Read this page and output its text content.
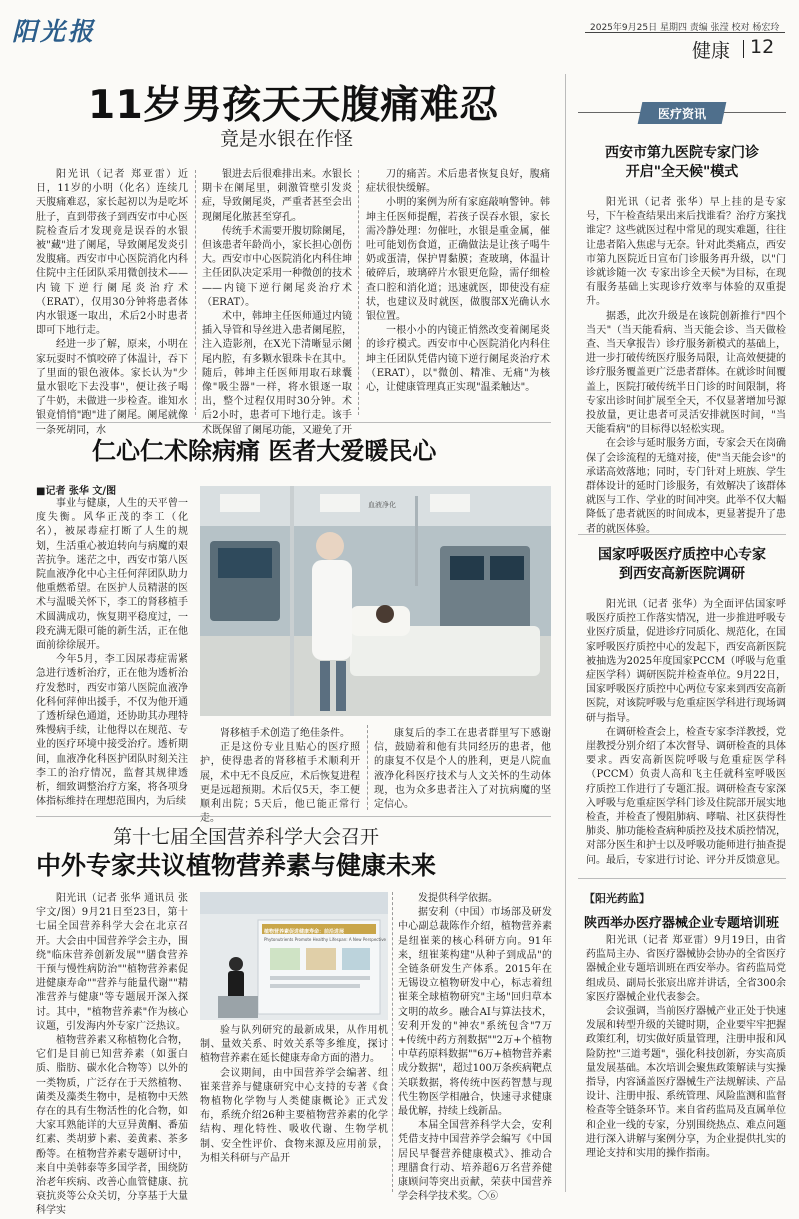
阳光报	2025年9月25日 星期四 责编 张滢 校对 杨宏玲
健康 12
11岁男孩天天腹痛难忍
竟是水银在作怪
阳光讯（记者 郑亚雷）近日，11岁的小明（化名）连续几天腹痛难忍，家长起初以为是吃坏肚子，直到带孩子到西安市中心医院检查后才发现竟是误吞的水银被"藏"进了阑尾，导致阑尾发炎引发腹痛。西安市中心医院消化内科住院中主任团队采用微创技术——内镜下逆行阑尾炎治疗术（ERAT），仅用30分钟将患者体内水银逐一取出，术后2小时患者即可下地行走。
经进一步了解，原来，小明在家玩耍时不慎咬碎了体温计，吞下了里面的银色液体。家长认为"少量水银吃下去没事"，便让孩子喝了牛奶，未做进一步检查。谁知水银竟悄悄"跑"进了阑尾。阑尾就像一条死胡同，水
银进去后很难排出来。水银长期卡在阑尾里，刺激管壁引发炎症，导致阑尾炎，严重者甚至会出现阑尾化脓甚至穿孔。
传统手术需要开腹切除阑尾，但该患者年龄尚小，家长担心创伤大。西安市中心医院消化内科住坤主任团队决定采用一种微创的技术——内镜下逆行阑尾炎治疗术（ERAT）。
术中，韩坤主任医师通过内镜插入导管和导丝进入患者阑尾腔，注入造影剂，在X光下清晰显示阑尾内腔，有多颗水银珠卡在其中。随后，韩坤主任医师用取石球囊像"吸尘器"一样，将水银逐一取出，整个过程仅用时30分钟。术后2小时，患者可下地行走。该手术既保留了阑尾功能，又避免了开
刀的痛苦。术后患者恢复良好，腹痛症状很快缓解。
小明的案例为所有家庭敲响警钟。韩坤主任医师提醒，若孩子误吞水银，家长需冷静处理：勿催吐，水银是重金属，催吐可能划伤食道，正确做法是让孩子喝牛奶或蛋清，保护胃黏膜；查玻璃，体温计破碎后，玻璃碎片水银更危险，需仔细检查口腔和消化道；迅速就医，即使没有症状，也建议及时就医，做腹部X光确认水银位置。
一根小小的内镜正悄然改变着阑尾炎的诊疗模式。西安市中心医院消化内科住坤主任团队凭借内镜下逆行阑尾炎治疗术（ERAT），以"微创、精准、无痛"为核心，让健康管理真正实现"温柔触达"。
仁心仁术除病痛 医者大爱暖民心
■记者 张华 文/图
事业与健康，人生的天平曾一度失衡。风华正茂的李工（化名），被尿毒症打断了人生的规划，生活重心被迫转向与病魔的艰苦抗争。迷茫之中，西安市第八医院血液净化中心主任何萍团队助力他重燃希望。在医护人员精湛的医术与温暖关怀下，李工的肾移植手术圆满成功，恢复期平稳度过，一段充满无限可能的新生活，正在他面前徐徐展开。
今年5月，李工因尿毒症需紧急进行透析治疗，正在他为透析治疗发愁时，西安市第八医院血液净化科何萍伸出援手，不仅为他开通了透析绿色通道，还协助其办理特殊慢病手续，让他得以在规范、专业的医疗环境中接受治疗。透析期间，血液净化科医护团队时刻关注李工的治疗情况，监督其规律透析，细致调整治疗方案，将各项身体指标维持在理想范围内，为后续
血液净化
肾移植手术创造了绝佳条件。
正是这份专业且贴心的医疗照护，使得患者的肾移植手术顺利开展，术中无不良反应，术后恢复进程更是远超预期。术后仅5天，李工便顺利出院；5天后，他已能正常行走。
康复后的李工在患者群里写下感谢信，鼓励着和他有共同经历的患者，他的康复不仅是个人的胜利，更是八院血液净化科医疗技术与人文关怀的生动体现，也为众多患者注入了对抗病魔的坚定信心。
第十七届全国营养科学大会召开
中外专家共议植物营养素与健康未来
阳光讯（记者 张华 通讯员 张宇文/图）9月21日至23日，第十七届全国营养科学大会在北京召开。大会由中国营养学会主办，围绕"临床营养创新发展""膳食营养干预与慢性病防治""植物营养素促进健康寿命""营养与能量代谢""精准营养与健康"等专题展开深入探讨。其中，"植物营养素"作为核心议题，引发海内外专家广泛热议。
植物营养素又称植物化合物，它们是目前已知营养素（如蛋白质、脂肪、碳水化合物等）以外的一类物质，广泛存在于天然植物、菌类及藻类生物中，是植物中天然存在的具有生物活性的化合物，如大家耳熟能详的大豆异黄酮、番茄红素、类胡萝卜素、姜黄素、茶多酚等。在植物营养素专题研讨中，来自中美韩泰等多国学者，围绕防治老年疾病、改善心血管健康、抗衰抗炎等公众关切，分享基于大量科学实
植物营养素促进健康寿命：前沿进展
Phytonutrients Promote Healthy Lifespan: A New Perspective
验与队列研究的最新成果，从作用机制、量效关系、时效关系等多维度，探讨植物营养素在延长健康寿命方面的潜力。
会议期间，由中国营养学会编著、纽崔莱营养与健康研究中心支持的专著《食物植物化学物与人类健康概论》正式发布，系统介绍26种主要植物营养素的化学结构、理化特性、吸收代谢、生物学机制、安全性评价、食物来源及应用前景，为相关科研与产品开
发提供科学依据。
据安利（中国）市场部及研发中心副总裁陈作介绍，植物营养素是纽崔莱的核心科研方向。91年来，纽崔莱构建"从种子到成品"的全链条研发生产体系。2015年在无锡设立植物研发中心，标志着纽崔莱全球植物研究"主场"回归草本文明的故乡。融合AI与算法技术，安利开发的"神农"系统包含"7万+传统中药方剂数据""2万+个植物中草药原料数据""6万+植物营养素成分数据"，超过100万条疾病靶点关联数据，将传统中医药智慧与现代生物医学相融合，快速寻求健康最优解，持续上线新品。
本届全国营养科学大会，安利凭借支持中国营养学会编写《中国居民早餐营养健康模式》、推动合理膳食行动、培养超6万名营养健康顾问等突出贡献，荣获中国营养学会科学技术奖。〇⑥
医疗资讯
西安市第九医院专家门诊
开启"全天候"模式
阳光讯（记者 张华）早上挂的是专家号，下午检查结果出来后找谁看？治疗方案找谁定？这些就医过程中常见的现实难题，往往让患者陷入焦虑与无奈。针对此类痛点，西安市第九医院近日宣布门诊服务再升级，以"门诊就诊随一次 专家出诊全天候"为目标，在现有服务基础上实现诊疗效率与体验的双重提升。
据悉，此次升级是在该院创新推行"四个当天"（当天能看病、当天能会诊、当天做检查、当天拿报告）诊疗服务新模式的基础上，进一步打破传统医疗服务局限，让高效便捷的诊疗服务覆盖更广泛患者群体。在就诊时间覆盖上，医院打破传统半日门诊的时间限制，将专家出诊时间扩展至全天，不仅显著增加号源投放量，更让患者可灵活安排就医时间，"当天能看病"的目标得以轻松实现。
在会诊与延时服务方面，专家会天在岗确保了会诊流程的无缝对接，使"当天能会诊"的承诺高效落地；同时，专门针对上班族、学生群体设计的延时门诊服务，有效解决了该群体就医与工作、学业的时间冲突。此举不仅大幅降低了患者就医的时间成本，更显著提升了患者的就医体验。
国家呼吸医疗质控中心专家
到西安高新医院调研
阳光讯（记者 张华）为全面评估国家呼吸医疗质控工作落实情况，进一步推进呼吸专业医疗质量，促进诊疗同质化、规范化，在国家呼吸医疗质控中心的发起下，西安高新医院被抽选为2025年度国家PCCM（呼吸与危重症医学科）调研医院并检查单位。9月22日，国家呼吸医疗质控中心两位专家来到西安高新医院，对该院呼吸与危重症医学科进行现场调研与指导。
在调研检查会上，检查专家李洋教授，党崖教授分别介绍了本次督导、调研检查的具体要求。西安高新医院呼吸与危重症医学科（PCCM）负责人高和飞主任就科室呼吸医疗质控工作进行了专题汇报。调研检查专家深入呼吸与危重症医学科门诊及住院部开展实地检查，并检查了慢阻肺病、哮喘、社区获得性肺炎、肺功能检查病种质控及技术质控情况，对部分医生和护士以及呼吸功能师进行抽查提问。最后，专家进行讨论、评分并反馈意见。
【阳光药监】
陕西举办医疗器械企业专题培训班
阳光讯（记者 郑亚雷）9月19日，由省药监局主办、省医疗器械协会协办的全省医疗器械企业专题培训班在西安举办。省药监局党组成员、副局长张宸出席并讲话，全省300余家医疗器械企业代表参会。
会议强调，当前医疗器械产业正处于快速发展和转型升级的关键时期，企业要牢牢把握政策红利，切实做好质量管理，注册申报和风险防控"三道考题"，强化科技创新，夯实高质量发展基础。本次培训会聚焦政策解读与实操指导，内容涵盖医疗器械生产法规解读、产品设计、注册申报、系统管理、风险监测和监督检查等全链条环节。来自省药监局及直属单位和企业一线的专家，分别围绕热点、难点问题进行深入讲解与案例分享，为企业提供扎实的理论支持和实用的操作指南。
